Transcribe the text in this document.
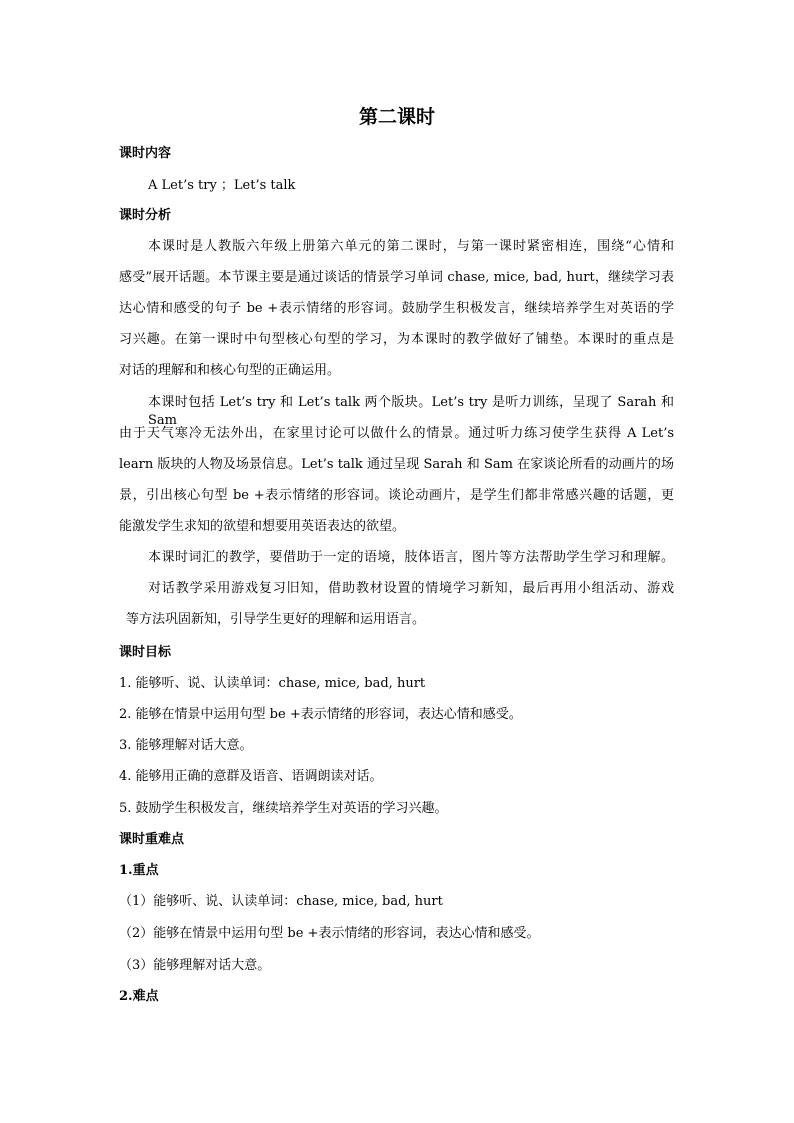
第二课时
课时内容
A Let’s try ；Let’s talk
课时分析
本课时是人教版六年级上册第六单元的第二课时，与第一课时紧密相连，围绕“心情和
感受”展开话题。本节课主要是通过谈话的情景学习单词 chase, mice, bad, hurt，继续学习表
达心情和感受的句子 be +表示情绪的形容词。鼓励学生积极发言，继续培养学生对英语的学
习兴趣。在第一课时中句型核心句型的学习，为本课时的教学做好了铺垫。本课时的重点是
对话的理解和和核心句型的正确运用。
本课时包括 Let’s try 和 Let’s talk 两个版块。Let’s try 是听力训练，呈现了 Sarah 和 Sam
由于天气寒冷无法外出，在家里讨论可以做什么的情景。通过听力练习使学生获得 A Let’s
learn 版块的人物及场景信息。Let’s talk 通过呈现 Sarah 和 Sam 在家谈论所看的动画片的场
景，引出核心句型 be +表示情绪的形容词。谈论动画片，是学生们都非常感兴趣的话题，更
能激发学生求知的欲望和想要用英语表达的欲望。
本课时词汇的教学，要借助于一定的语境，肢体语言，图片等方法帮助学生学习和理解。
对话教学采用游戏复习旧知，借助教材设置的情境学习新知，最后再用小组活动、游戏
等方法巩固新知，引导学生更好的理解和运用语言。
课时目标
1. 能够听、说、认读单词：chase, mice, bad, hurt
2. 能够在情景中运用句型 be +表示情绪的形容词，表达心情和感受。
3. 能够理解对话大意。
4. 能够用正确的意群及语音、语调朗读对话。
5. 鼓励学生积极发言，继续培养学生对英语的学习兴趣。
课时重难点
1.重点
（1）能够听、说、认读单词：chase, mice, bad, hurt
（2）能够在情景中运用句型 be +表示情绪的形容词，表达心情和感受。
（3）能够理解对话大意。
2.难点
